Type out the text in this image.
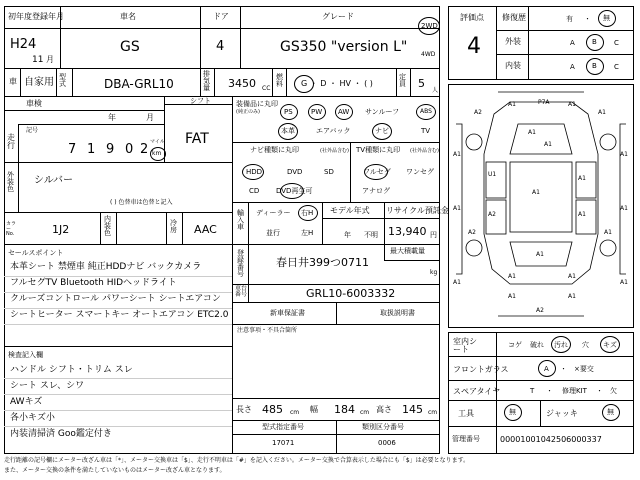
初年度登録年月	車名	ドア	グレード
H24
11 月
GS	4	GS350 "version L"
2WD
4WD
車 自家用 型式	DBA-GRL10
排気量 3450 CC
燃料	G ・ D ・ HV ・ ( )
定員 5
人
車検
年	月
記号
走行	7 1 9 0 2 マイル
km
シフト
FAT
外装色
シルバー
( ) 色替車は色替と記入
カラーNo.	1J2
内装色
冷房 AAC
セールスポイント
本革シート 禁煙車 純正HDDナビ バックカメラ
フルセグTV Bluetooth HIDヘッドライト
クルーズコントロール パワーシート シートエアコン
シートヒーター スマートキー オートエアコン ETC2.0
検査記入欄
ハンドル シフト・トリム スレ
シート スレ、シワ
AWキズ
各小キズ小
内装清掃済 Goo鑑定付き
装備品に丸印
(純正のみ)	PS	PW AW サンルーフ	ABS
本革	エアバック	ナビ	TV
ナビ種類に丸印	(社外品含む)
HDD	DVD	SD
CD DVD再生可
TV種類に丸印 (社外品含む)
フルセグ ワンセグ
アナログ
輸入車
ディーラー 右H
並行	左H
モデル年式
年 不明
リサイクル預託金
13,940 円
登録番号
春日井399つ0711
最大積載量
kg
車台番号	GRL10-6003332
新車保証書	取扱説明書
注意事項・不具合箇所
長さ 485 cm 幅 184 cm 高さ 145 cm
型式指定番号
17071
類別区分番号
0006
評価点
4
修復歴	有 ・ 無
外装	A B C
内装	A B C
A1	P7A	A1
U1
A1
A1
A2	A1
A1	A1
A1
A1
A1	A1
A2	A1
A2	A1
A1
A1
A1
A1
A2
A1
A1	A1
室内シート	コゲ 破れ 汚れ 穴 キズ
フロントガラス	A ・ ×要交
スペアタイヤ	T ・ 修理KIT ・ 欠
工具	無	ジャッキ	無
管理番号	00001001042506000337
走行距離の記号欄にメーター改ざん車は「*」、メーター交換車は「$」、走行不明車は「#」を記入ください。メーター交換で合算表示した場合にも「$」は必要となります。
また、メーター交換の条件を満たしていないものはメーター改ざん車となります。
